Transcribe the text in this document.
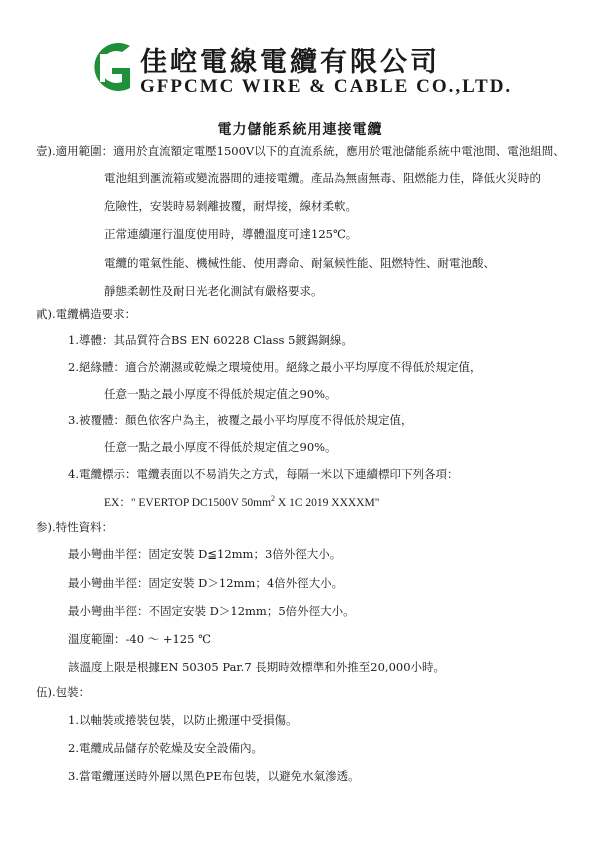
佳崆電線電纜有限公司
GFPCMC WIRE & CABLE CO.,LTD.
電力儲能系統用連接電纜
壹).適用範圍：適用於直流額定電壓1500V以下的直流系統，應用於電池儲能系統中電池間、電池組間、
電池組到滙流箱或變流器間的連接電纜。產品為無鹵無毒、阻燃能力佳，降低火災時的
危險性，安裝時易剝離披覆，耐焊接，線材柔軟。
正常連續運行溫度使用時，導體溫度可達125℃。
電纜的電氣性能、機械性能、使用壽命、耐氣候性能、阻燃特性、耐電池酸、
靜態柔韌性及耐日光老化測試有嚴格要求。
貳).電纜構造要求：
1.導體：其品質符合BS EN 60228 Class 5鍍錫銅線。
2.絕緣體：適合於潮濕或乾燥之環境使用。絕緣之最小平均厚度不得低於規定值，
任意一點之最小厚度不得低於規定值之90%。
3.被覆體：顏色依客户為主，被覆之最小平均厚度不得低於規定值，
任意一點之最小厚度不得低於規定值之90%。
4.電纜標示：電纜表面以不易消失之方式，每隔一米以下連續標印下列各項：
EX：" EVERTOP DC1500V $50mm^2$ X 1C 2019 XXXXM"
参).特性資料：
最小彎曲半徑：固定安裝 D≦12mm；3倍外徑大小。
最小彎曲半徑：固定安裝 D＞12mm；4倍外徑大小。
最小彎曲半徑：不固定安裝 D＞12mm；5倍外徑大小。
溫度範圍：-40 ～ +125 ℃
該溫度上限是根據EN 50305 Par.7 長期時效標準和外推至20,000小時。
伍).包裝：
1.以軸裝或捲裝包裝，以防止搬運中受損傷。
2.電纜成品儲存於乾燥及安全設備內。
3.當電纜運送時外層以黑色PE布包裝，以避免水氣滲透。
